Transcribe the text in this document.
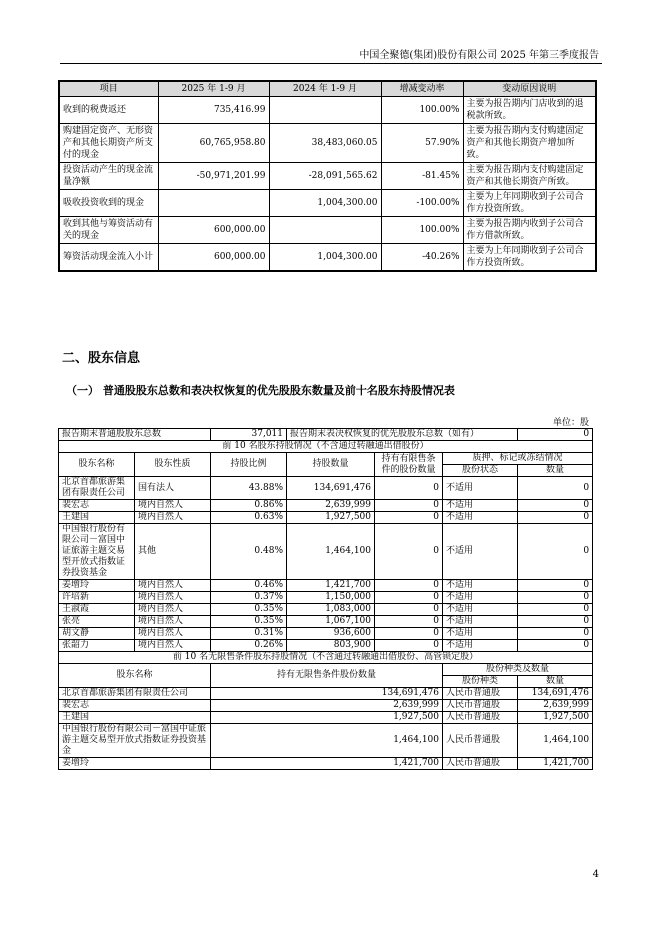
中国全聚德(集团)股份有限公司 2025 年第三季度报告
项目	2025 年 1-9 月	2024 年 1-9 月	增减变动率	变动原因说明
收到的税费返还	735,416.99		100.00%	主要为报告期内门店收到的退税款所致。
购建固定资产、无形资产和其他长期资产所支付的现金	60,765,958.80	38,483,060.05	57.90%	主要为报告期内支付购建固定资产和其他长期资产增加所致。
投资活动产生的现金流量净额	-50,971,201.99	-28,091,565.62	-81.45%	主要为报告期内支付购建固定资产和其他长期资产所致。
吸收投资收到的现金		1,004,300.00	-100.00%	主要为上年同期收到子公司合作方投资所致。
收到其他与筹资活动有关的现金	600,000.00		100.00%	主要为报告期内收到子公司合作方借款所致。
筹资活动现金流入小计	600,000.00	1,004,300.00	-40.26%	主要为上年同期收到子公司合作方投资所致。
二、股东信息
（一） 普通股股东总数和表决权恢复的优先股股东数量及前十名股东持股情况表
单位：股
报告期末普通股股东总数		37,011	报告期末表决权恢复的优先股股东总数（如有）			0
前 10 名股东持股情况（不含通过转融通出借股份）						
股东名称	股东性质	持股比例	持股数量	持有有限售条件的股份数量	质押、标记或冻结情况	
					股份状态	数量
北京首都旅游集团有限责任公司	国有法人	43.88%	134,691,476	0	不适用	0
裴宏志	境内自然人	0.86%	2,639,999	0	不适用	0
王建国	境内自然人	0.63%	1,927,500	0	不适用	0
中国银行股份有限公司－富国中证旅游主题交易型开放式指数证券投资基金	其他	0.48%	1,464,100	0	不适用	0
姜增玲	境内自然人	0.46%	1,421,700	0	不适用	0
许培新	境内自然人	0.37%	1,150,000	0	不适用	0
王淑霞	境内自然人	0.35%	1,083,000	0	不适用	0
张亮	境内自然人	0.35%	1,067,100	0	不适用	0
胡文静	境内自然人	0.31%	936,600	0	不适用	0
张韶力	境内自然人	0.26%	803,900	0	不适用	0
前 10 名无限售条件股东持股情况（不含通过转融通出借股份、高管锁定股）						
股东名称		持有无限售条件股份数量			股份种类及数量	
					股份种类	数量
北京首都旅游集团有限责任公司		134,691,476			人民币普通股	134,691,476
裴宏志		2,639,999			人民币普通股	2,639,999
王建国		1,927,500			人民币普通股	1,927,500
中国银行股份有限公司－富国中证旅游主题交易型开放式指数证券投资基金		1,464,100			人民币普通股	1,464,100
姜增玲		1,421,700			人民币普通股	1,421,700
4
